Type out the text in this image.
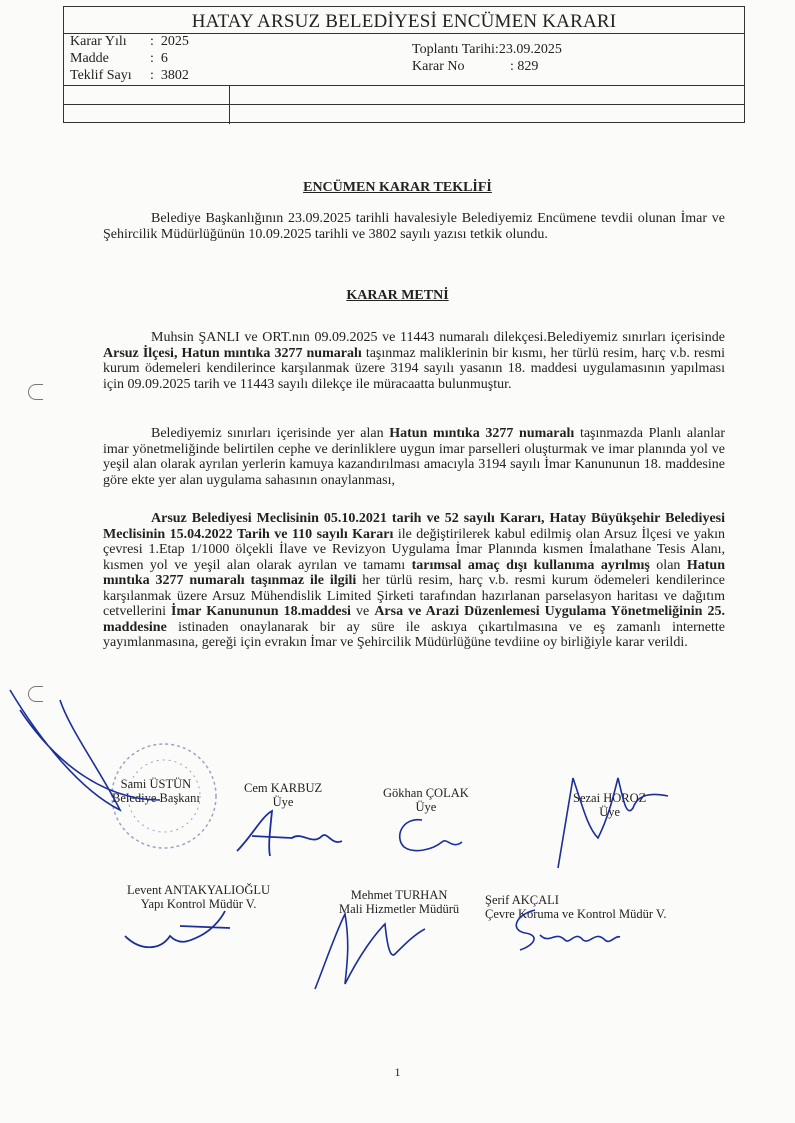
HATAY ARSUZ BELEDİYESİ ENCÜMEN KARARI
Karar Yılı : 2025
Madde	: 6
Teklif Sayı : 3802
Toplantı Tarihi:23.09.2025
Karar No	: 829
ENCÜMEN KARAR TEKLİFİ

Belediye Başkanlığının 23.09.2025 tarihli havalesiyle Belediyemiz Encümene tevdii olunan İmar ve Şehircilik Müdürlüğünün 10.09.2025 tarihli ve 3802 sayılı yazısı tetkik olundu.

KARAR METNİ

Muhsin ŞANLI ve ORT.nın 09.09.2025 ve 11443 numaralı dilekçesi.Belediyemiz sınırları içerisinde Arsuz İlçesi, Hatun mıntıka 3277 numaralı taşınmaz maliklerinin bir kısmı, her türlü resim, harç v.b. resmi kurum ödemeleri kendilerince karşılanmak üzere 3194 sayılı yasanın 18. maddesi uygulamasının yapılması için 09.09.2025 tarih ve 11443 sayılı dilekçe ile müracaatta bulunmuştur.

Belediyemiz sınırları içerisinde yer alan Hatun mıntıka 3277 numaralı taşınmazda Planlı alanlar imar yönetmeliğinde belirtilen cephe ve derinliklere uygun imar parselleri oluşturmak ve imar planında yol ve yeşil alan olarak ayrılan yerlerin kamuya kazandırılması amacıyla 3194 sayılı İmar Kanununun 18. maddesine göre ekte yer alan uygulama sahasının onaylanması,

Arsuz Belediyesi Meclisinin 05.10.2021 tarih ve 52 sayılı Kararı, Hatay Büyükşehir Belediyesi Meclisinin 15.04.2022 Tarih ve 110 sayılı Kararı ile değiştirilerek kabul edilmiş olan Arsuz İlçesi ve yakın çevresi 1.Etap 1/1000 ölçekli İlave ve Revizyon Uygulama İmar Planında kısmen İmalathane Tesis Alanı, kısmen yol ve yeşil alan olarak ayrılan ve tamamı tarımsal amaç dışı kullanıma ayrılmış olan Hatun mıntıka 3277 numaralı taşınmaz ile ilgili her türlü resim, harç v.b. resmi kurum ödemeleri kendilerince karşılanmak üzere Arsuz Mühendislik Limited Şirketi tarafından hazırlanan parselasyon haritası ve dağıtım cetvellerini İmar Kanununun 18.maddesi ve Arsa ve Arazi Düzenlemesi Uygulama Yönetmeliğinin 25. maddesine istinaden onaylanarak bir ay süre ile askıya çıkartılmasına ve eş zamanlı internette yayımlanmasına, gereği için evrakın İmar ve Şehircilik Müdürlüğüne tevdiine oy birliğiyle karar verildi.

Sami ÜSTÜN
Belediye Başkanı
Cem KARBUZ
Üye
Gökhan ÇOLAK
Üye
Sezai HOROZ
Üye
Levent ANTAKYALIOĞLU
Yapı Kontrol Müdür V.
Mehmet TURHAN
Mali Hizmetler Müdürü
Şerif AKÇALI
Çevre Koruma ve Kontrol Müdür V.
1
